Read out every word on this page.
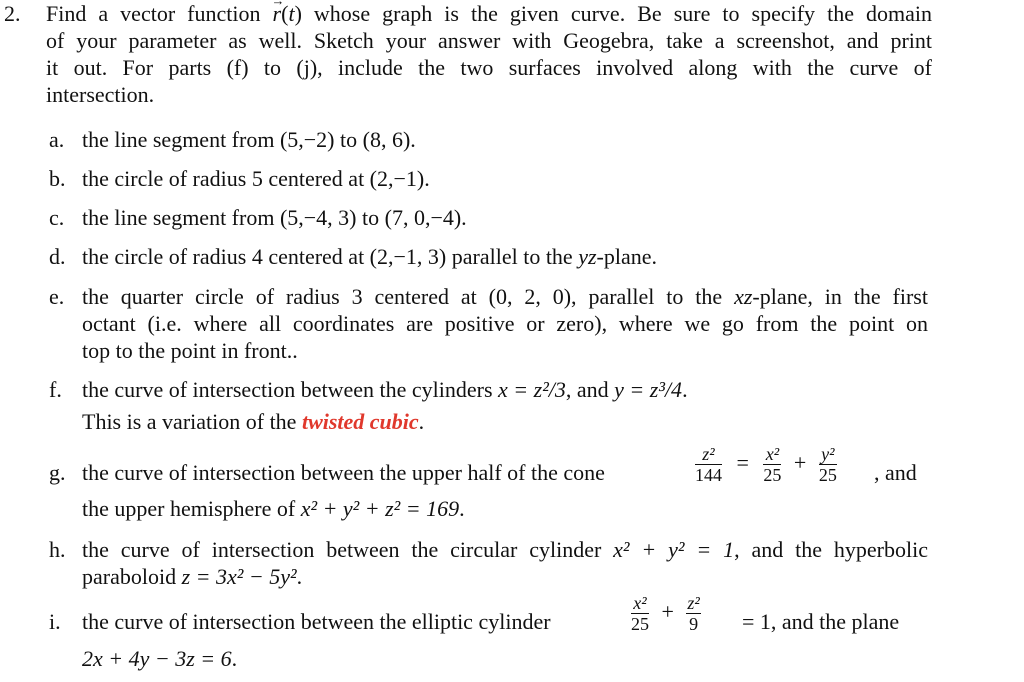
2. Find a vector function → r(t) whose graph is the given curve. Be sure to specify the domain
of your parameter as well. Sketch your answer with Geogebra, take a screenshot, and print
it out. For parts (f) to (j), include the two surfaces involved along with the curve of
intersection.
a. the line segment from (5,−2) to (8, 6).
b. the circle of radius 5 centered at (2,−1).
c. the line segment from (5,−4, 3) to (7, 0,−4).
d. the circle of radius 4 centered at (2,−1, 3) parallel to the yz-plane.
e. the quarter circle of radius 3 centered at (0, 2, 0), parallel to the xz-plane, in the first
octant (i.e. where all coordinates are positive or zero), where we go from the point on
top to the point in front..
f. the curve of intersection between the cylinders x = z²/3, and y = z³/4.
This is a variation of the twisted cubic.
g. the curve of intersection between the upper half of the cone	$\frac{\text{z²}}{144} = \frac{\text{x²}}{25} + \frac{\text{y²}}{25}$ , and
the upper hemisphere of x² + y² + z² = 169.
h. the curve of intersection between the circular cylinder x² + y² = 1, and the hyperbolic
paraboloid z = 3x² − 5y².
i. the curve of intersection between the elliptic cylinder	$\frac{\text{x²}}{25} + \frac{\text{z²}}{9} = 1$, and the plane
2x + 4y − 3z = 6.
